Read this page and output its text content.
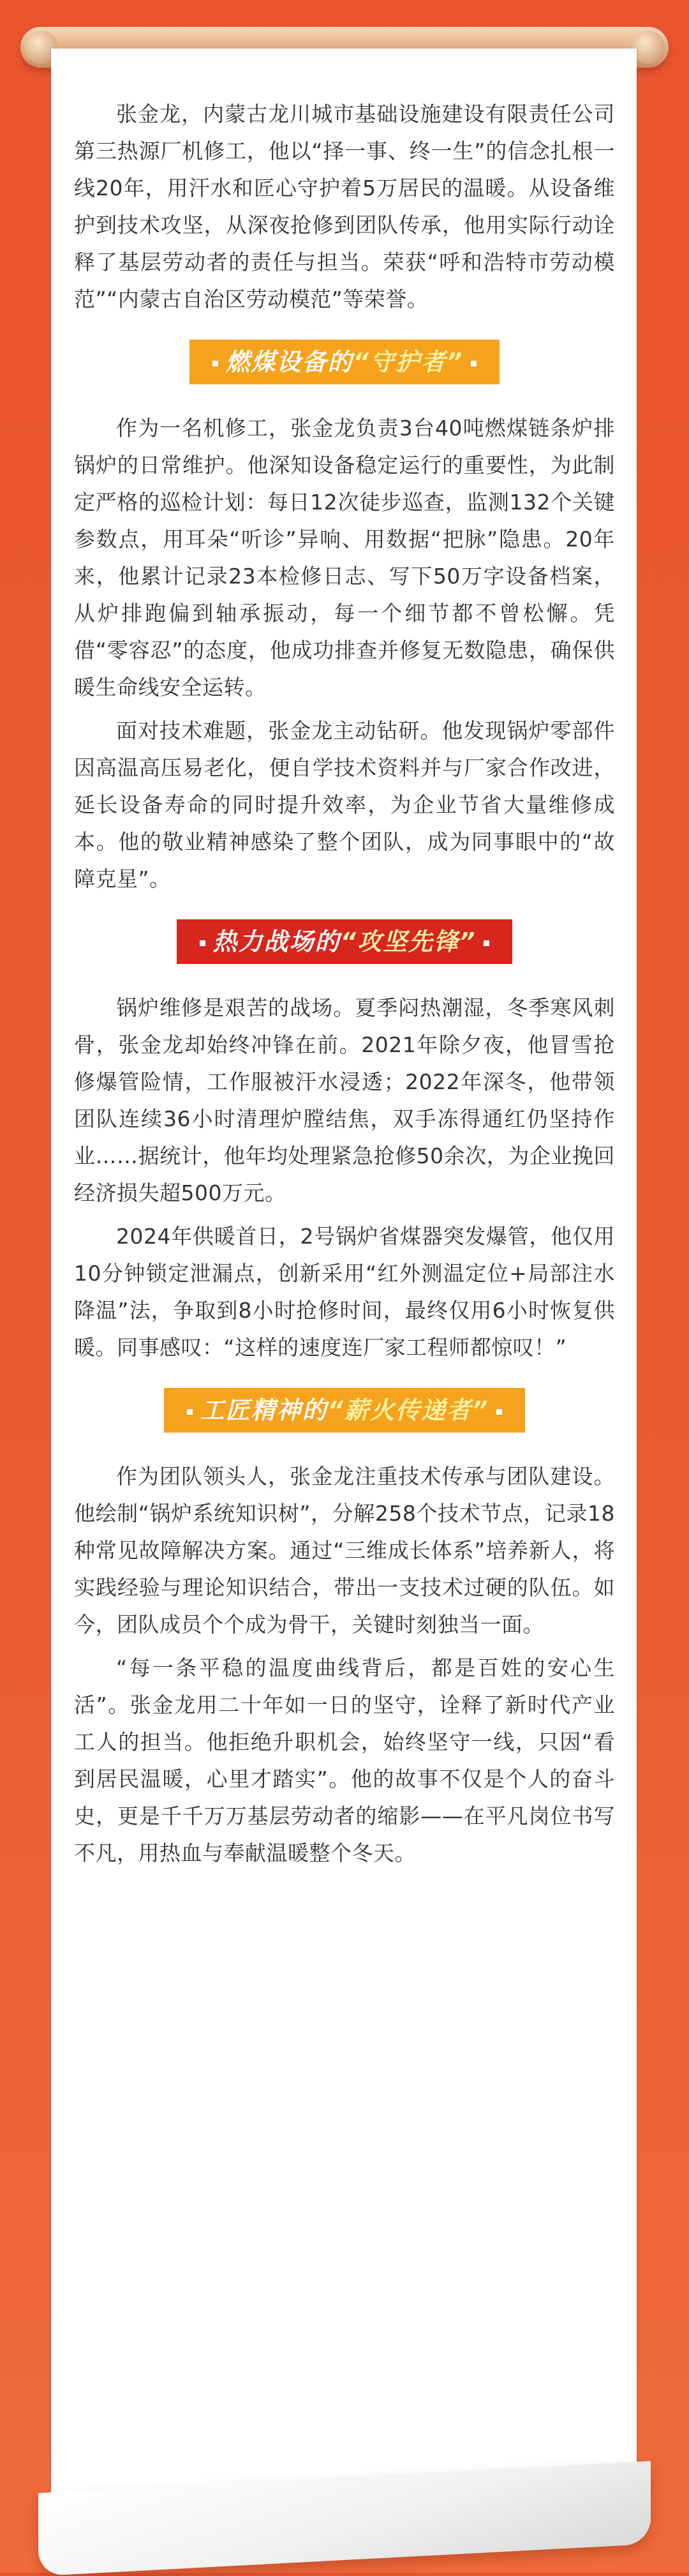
张金龙，内蒙古龙川城市基础设施建设有限责任公司第三热源厂机修工，他以“择一事、终一生”的信念扎根一线20年，用汗水和匠心守护着5万居民的温暖。从设备维护到技术攻坚，从深夜抢修到团队传承，他用实际行动诠释了基层劳动者的责任与担当。荣获“呼和浩特市劳动模范”“内蒙古自治区劳动模范”等荣誉。

燃煤设备的“守护者”

作为一名机修工，张金龙负责3台40吨燃煤链条炉排锅炉的日常维护。他深知设备稳定运行的重要性，为此制定严格的巡检计划：每日12次徒步巡查，监测132个关键参数点，用耳朵“听诊”异响、用数据“把脉”隐患。20年来，他累计记录23本检修日志、写下50万字设备档案，从炉排跑偏到轴承振动，每一个细节都不曾松懈。凭借“零容忍”的态度，他成功排查并修复无数隐患，确保供暖生命线安全运转。

面对技术难题，张金龙主动钻研。他发现锅炉零部件因高温高压易老化，便自学技术资料并与厂家合作改进，延长设备寿命的同时提升效率，为企业节省大量维修成本。他的敬业精神感染了整个团队，成为同事眼中的“故障克星”。

热力战场的“攻坚先锋”

锅炉维修是艰苦的战场。夏季闷热潮湿，冬季寒风刺骨，张金龙却始终冲锋在前。2021年除夕夜，他冒雪抢修爆管险情，工作服被汗水浸透；2022年深冬，他带领团队连续36小时清理炉膛结焦，双手冻得通红仍坚持作业……据统计，他年均处理紧急抢修50余次，为企业挽回经济损失超500万元。

2024年供暖首日，2号锅炉省煤器突发爆管，他仅用10分钟锁定泄漏点，创新采用“红外测温定位+局部注水降温”法，争取到8小时抢修时间，最终仅用6小时恢复供暖。同事感叹：“这样的速度连厂家工程师都惊叹！”

工匠精神的“薪火传递者”

作为团队领头人，张金龙注重技术传承与团队建设。他绘制“锅炉系统知识树”，分解258个技术节点，记录18种常见故障解决方案。通过“三维成长体系”培养新人，将实践经验与理论知识结合，带出一支技术过硬的队伍。如今，团队成员个个成为骨干，关键时刻独当一面。

“每一条平稳的温度曲线背后，都是百姓的安心生活”。张金龙用二十年如一日的坚守，诠释了新时代产业工人的担当。他拒绝升职机会，始终坚守一线，只因“看到居民温暖，心里才踏实”。他的故事不仅是个人的奋斗史，更是千千万万基层劳动者的缩影——在平凡岗位书写不凡，用热血与奉献温暖整个冬天。
